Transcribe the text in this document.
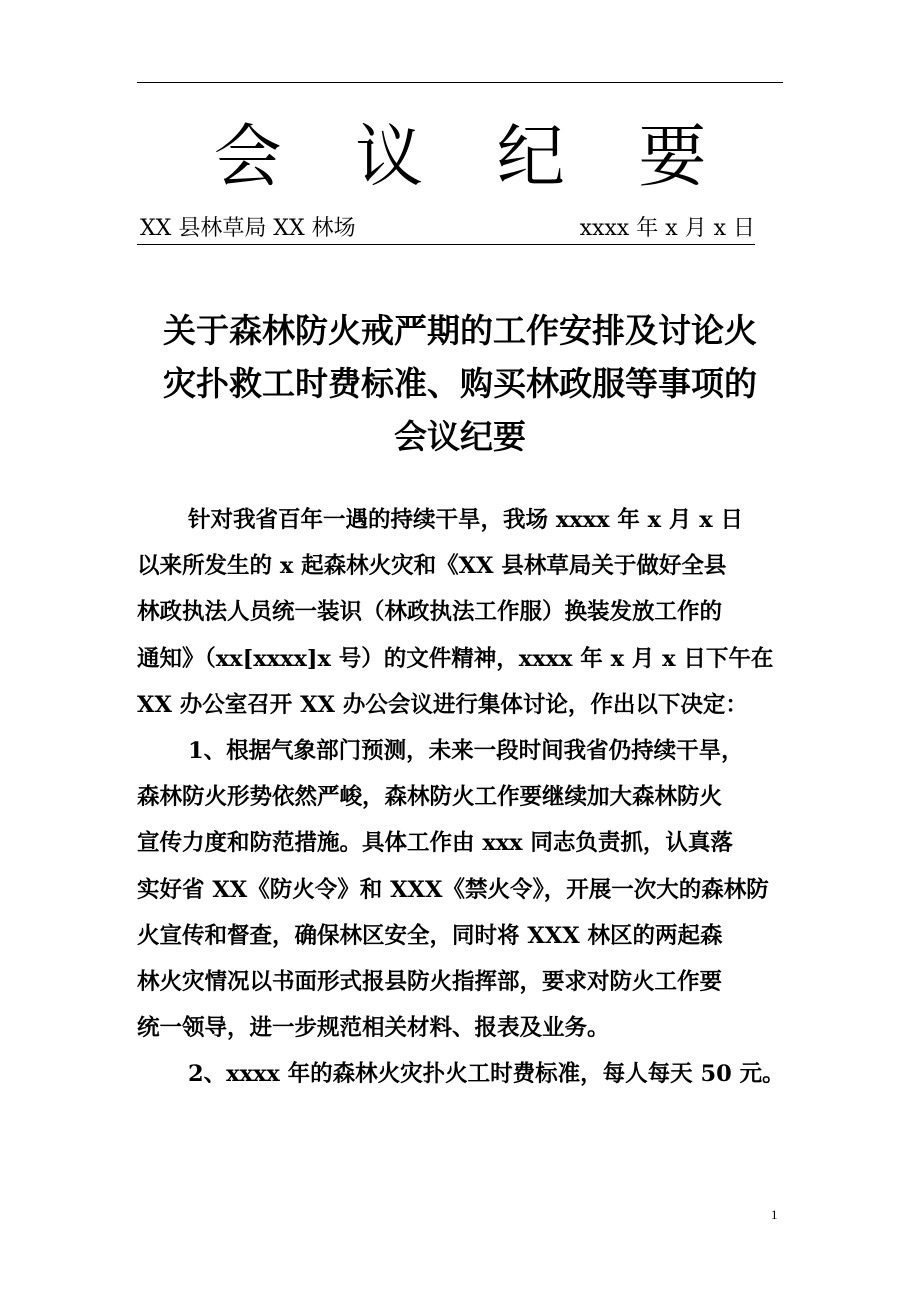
会 议 纪 要
XX 县林草局 XX 林场	xxxx 年 x 月 x 日
关于森林防火戒严期的工作安排及讨论火
灾扑救工时费标准、购买林政服等事项的
会议纪要
针对我省百年一遇的持续干旱，我场 xxxx 年 x 月 x 日
以来所发生的 x 起森林火灾和《XX 县林草局关于做好全县
林政执法人员统一装识（林政执法工作服）换装发放工作的
通知》（xx[xxxx]x 号）的文件精神，xxxx 年 x 月 x 日下午在
XX 办公室召开 XX 办公会议进行集体讨论，作出以下决定：
1、根据气象部门预测，未来一段时间我省仍持续干旱，
森林防火形势依然严峻，森林防火工作要继续加大森林防火
宣传力度和防范措施。具体工作由 xxx 同志负责抓，认真落
实好省 XX《防火令》和 XXX《禁火令》，开展一次大的森林防
火宣传和督查，确保林区安全，同时将 XXX 林区的两起森
林火灾情况以书面形式报县防火指挥部，要求对防火工作要
统一领导，进一步规范相关材料、报表及业务。
2、xxxx 年的森林火灾扑火工时费标准，每人每天 50 元。
1
